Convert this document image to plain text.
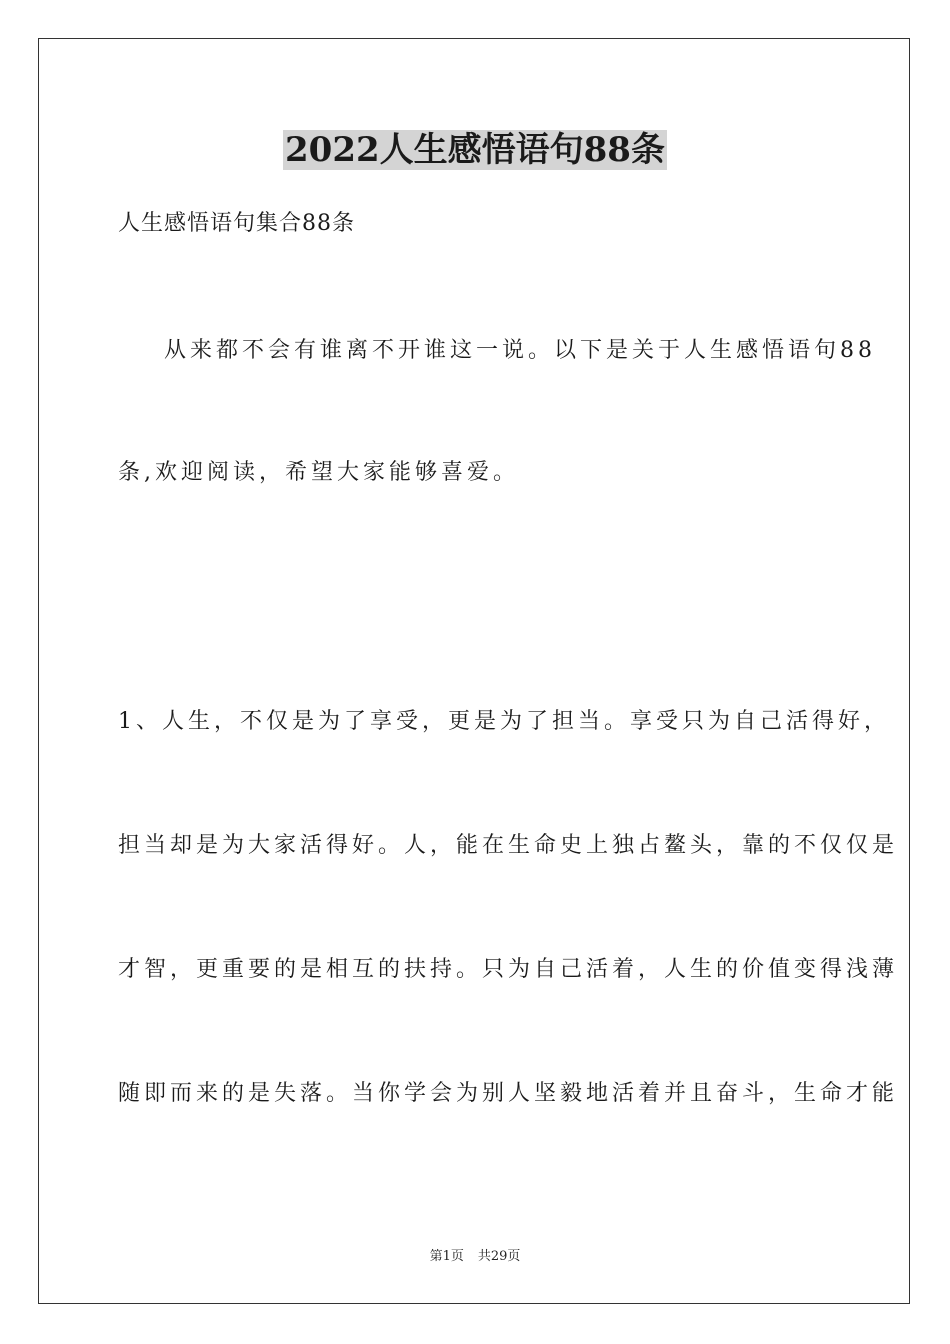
2022人生感悟语句88条
人生感悟语句集合88条
从来都不会有谁离不开谁这一说。以下是关于人生感悟语句88
条,欢迎阅读，希望大家能够喜爱。
1、人生，不仅是为了享受，更是为了担当。享受只为自己活得好，
担当却是为大家活得好。人，能在生命史上独占鳌头，靠的不仅仅是
才智，更重要的是相互的扶持。只为自己活着，人生的价值变得浅薄
随即而来的是失落。当你学会为别人坚毅地活着并且奋斗，生命才能
第1页 共29页
